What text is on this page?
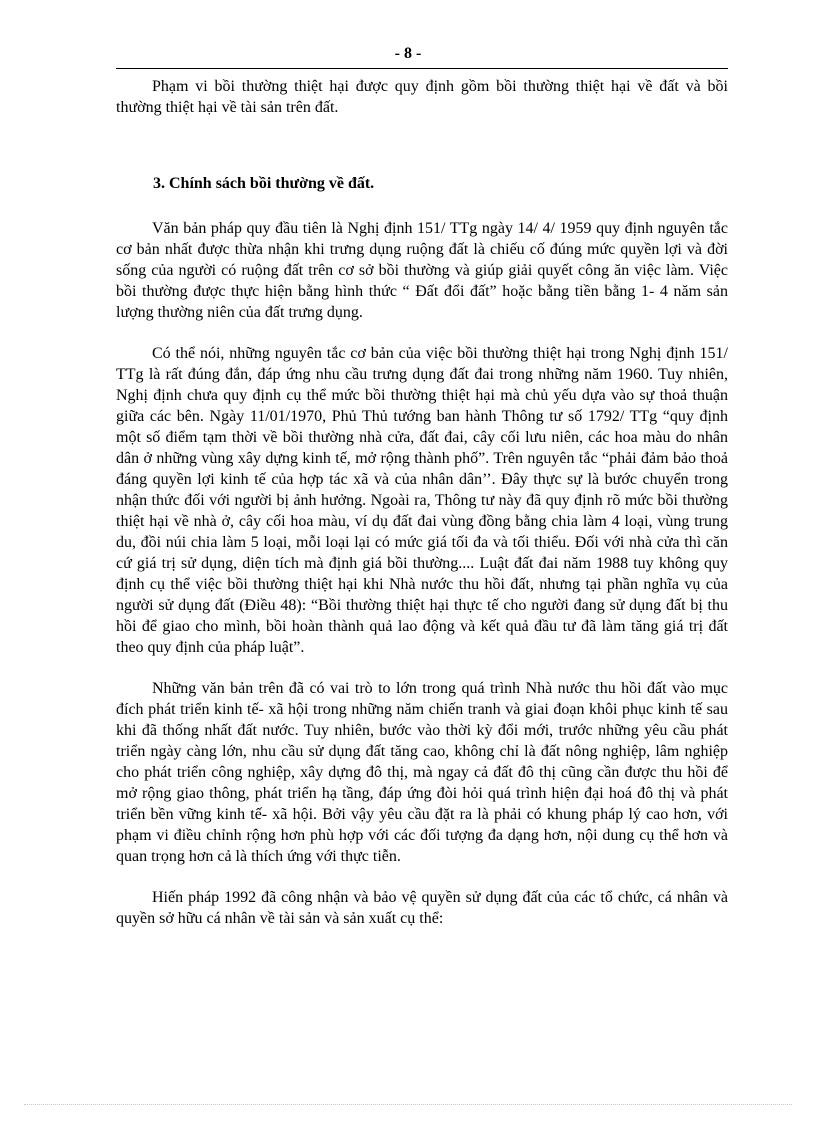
- 8 -

Phạm vi bồi thường thiệt hại được quy định gồm bồi thường thiệt hại về đất và bồi thường thiệt hại về tài sản trên đất.

3. Chính sách bồi thường về đất.

Văn bản pháp quy đầu tiên là Nghị định 151/ TTg ngày 14/ 4/ 1959 quy định nguyên tắc cơ bản nhất được thừa nhận khi trưng dụng ruộng đất là chiếu cố đúng mức quyền lợi và đời sống của người có ruộng đất trên cơ sở bồi thường và giúp giải quyết công ăn việc làm. Việc bồi thường được thực hiện bằng hình thức “ Đất đổi đất” hoặc bằng tiền bằng 1- 4 năm sản lượng thường niên của đất trưng dụng.

Có thể nói, những nguyên tắc cơ bản của việc bồi thường thiệt hại trong Nghị định 151/ TTg là rất đúng đắn, đáp ứng nhu cầu trưng dụng đất đai trong những năm 1960. Tuy nhiên, Nghị định chưa quy định cụ thể mức bồi thường thiệt hại mà chủ yếu dựa vào sự thoả thuận giữa các bên. Ngày 11/01/1970, Phủ Thủ tướng ban hành Thông tư số 1792/ TTg “quy định một số điểm tạm thời về bồi thường nhà cửa, đất đai, cây cối lưu niên, các hoa màu do nhân dân ở những vùng xây dựng kinh tế, mở rộng thành phố”. Trên nguyên tắc “phải đảm bảo thoả đáng quyền lợi kinh tế của hợp tác xã và của nhân dân’’. Đây thực sự là bước chuyển trong nhận thức đối với người bị ảnh hưởng. Ngoài ra, Thông tư này đã quy định rõ mức bồi thường thiệt hại về nhà ở, cây cối hoa màu, ví dụ đất đai vùng đồng bằng chia làm 4 loại, vùng trung du, đồi núi chia làm 5 loại, mỗi loại lại có mức giá tối đa và tối thiểu. Đối với nhà cửa thì căn cứ giá trị sử dụng, diện tích mà định giá bồi thường.... Luật đất đai năm 1988 tuy không quy định cụ thể việc bồi thường thiệt hại khi Nhà nước thu hồi đất, nhưng tại phần nghĩa vụ của người sử dụng đất (Điều 48): “Bồi thường thiệt hại thực tế cho người đang sử dụng đất bị thu hồi để giao cho mình, bồi hoàn thành quả lao động và kết quả đầu tư đã làm tăng giá trị đất theo quy định của pháp luật”.

Những văn bản trên đã có vai trò to lớn trong quá trình Nhà nước thu hồi đất vào mục đích phát triển kinh tế- xã hội trong những năm chiến tranh và giai đoạn khôi phục kinh tế sau khi đã thống nhất đất nước. Tuy nhiên, bước vào thời kỳ đổi mới, trước những yêu cầu phát triển ngày càng lớn, nhu cầu sử dụng đất tăng cao, không chỉ là đất nông nghiệp, lâm nghiệp cho phát triển công nghiệp, xây dựng đô thị, mà ngay cả đất đô thị cũng cần được thu hồi để mở rộng giao thông, phát triển hạ tầng, đáp ứng đòi hỏi quá trình hiện đại hoá đô thị và phát triển bền vững kinh tế- xã hội. Bởi vậy yêu cầu đặt ra là phải có khung pháp lý cao hơn, với phạm vi điều chỉnh rộng hơn phù hợp với các đối tượng đa dạng hơn, nội dung cụ thể hơn và quan trọng hơn cả là thích ứng với thực tiễn.

Hiến pháp 1992 đã công nhận và bảo vệ quyền sử dụng đất của các tổ chức, cá nhân và quyền sở hữu cá nhân về tài sản và sản xuất cụ thể:
